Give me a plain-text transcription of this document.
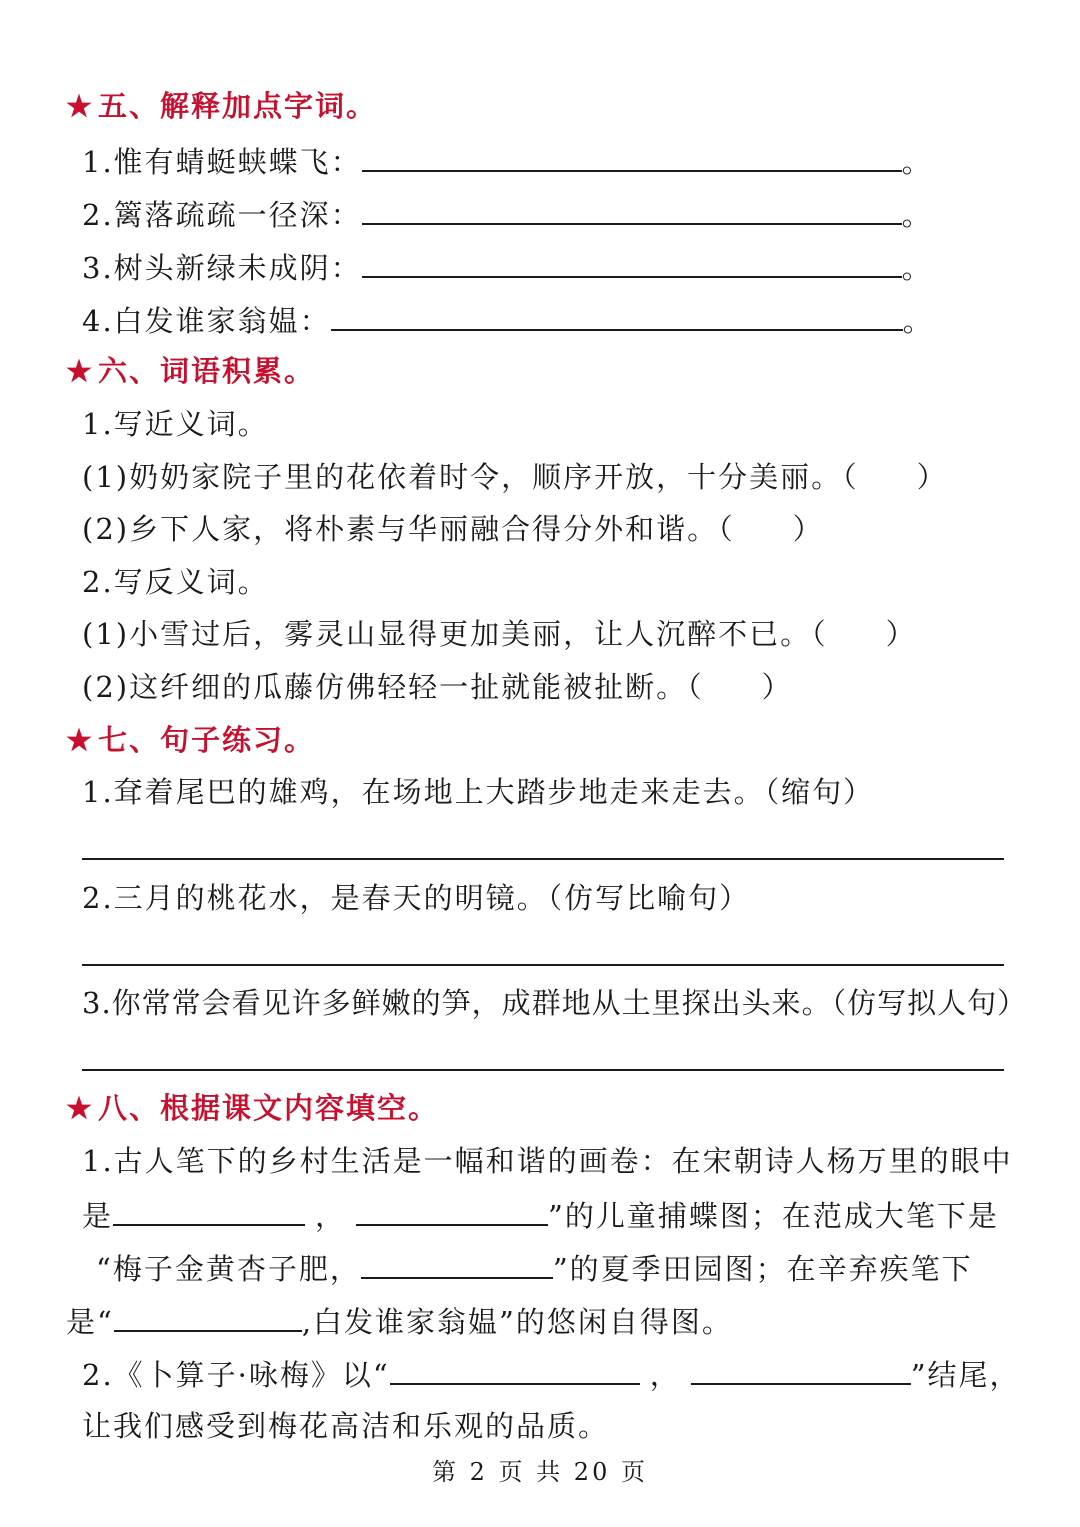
★ 五、解释加点字词。
1.惟有蜻蜓蛱蝶飞：	。
2.篱落疏疏一径深：	。
3.树头新绿未成阴：	。
4.白发谁家翁媪：	。
★ 六、词语积累。
1.写近义词。
(1)奶奶家院子里的花依着时令，顺序开放，十分美丽。（ ）
(2)乡下人家，将朴素与华丽融合得分外和谐。（ ）
2.写反义词。
(1)小雪过后，雾灵山显得更加美丽，让人沉醉不已。（ ）
(2)这纤细的瓜藤仿佛轻轻一扯就能被扯断。（ ）
★ 七、句子练习。
1.耷着尾巴的雄鸡，在场地上大踏步地走来走去。（缩句）
2.三月的桃花水，是春天的明镜。（仿写比喻句）
3.你常常会看见许多鲜嫩的笋，成群地从土里探出头来。（仿写拟人句）
★ 八、根据课文内容填空。
1.古人笔下的乡村生活是一幅和谐的画卷：在宋朝诗人杨万里的眼中
是	，	”的儿童捕蝶图；在范成大笔下是
“梅子金黄杏子肥，	”的夏季田园图；在辛弃疾笔下
是“	,白发谁家翁媪”的悠闲自得图。
2.《卜算子·咏梅》以“	，	”结尾，
让我们感受到梅花高洁和乐观的品质。
第 2 页 共 20 页
